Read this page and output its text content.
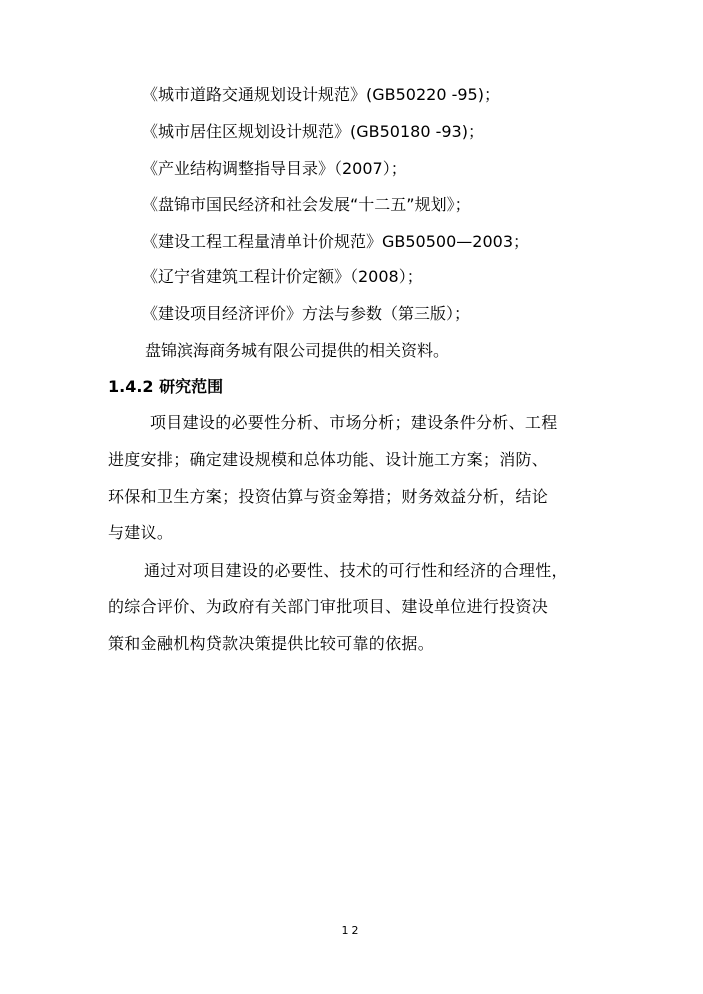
《城市道路交通规划设计规范》(GB50220 -95)；
《城市居住区规划设计规范》(GB50180 -93)；
《产业结构调整指导目录》（2007）；
《盘锦市国民经济和社会发展“十二五”规划》；
《建设工程工程量清单计价规范》GB50500—2003；
《辽宁省建筑工程计价定额》（2008）；
《建设项目经济评价》方法与参数（第三版）；
盘锦滨海商务城有限公司提供的相关资料。
1.4.2 研究范围
项目建设的必要性分析、市场分析；建设条件分析、工程
进度安排；确定建设规模和总体功能、设计施工方案；消防、
环保和卫生方案；投资估算与资金筹措；财务效益分析，结论
与建议。
通过对项目建设的必要性、技术的可行性和经济的合理性，
的综合评价、为政府有关部门审批项目、建设单位进行投资决
策和金融机构贷款决策提供比较可靠的依据。
12
